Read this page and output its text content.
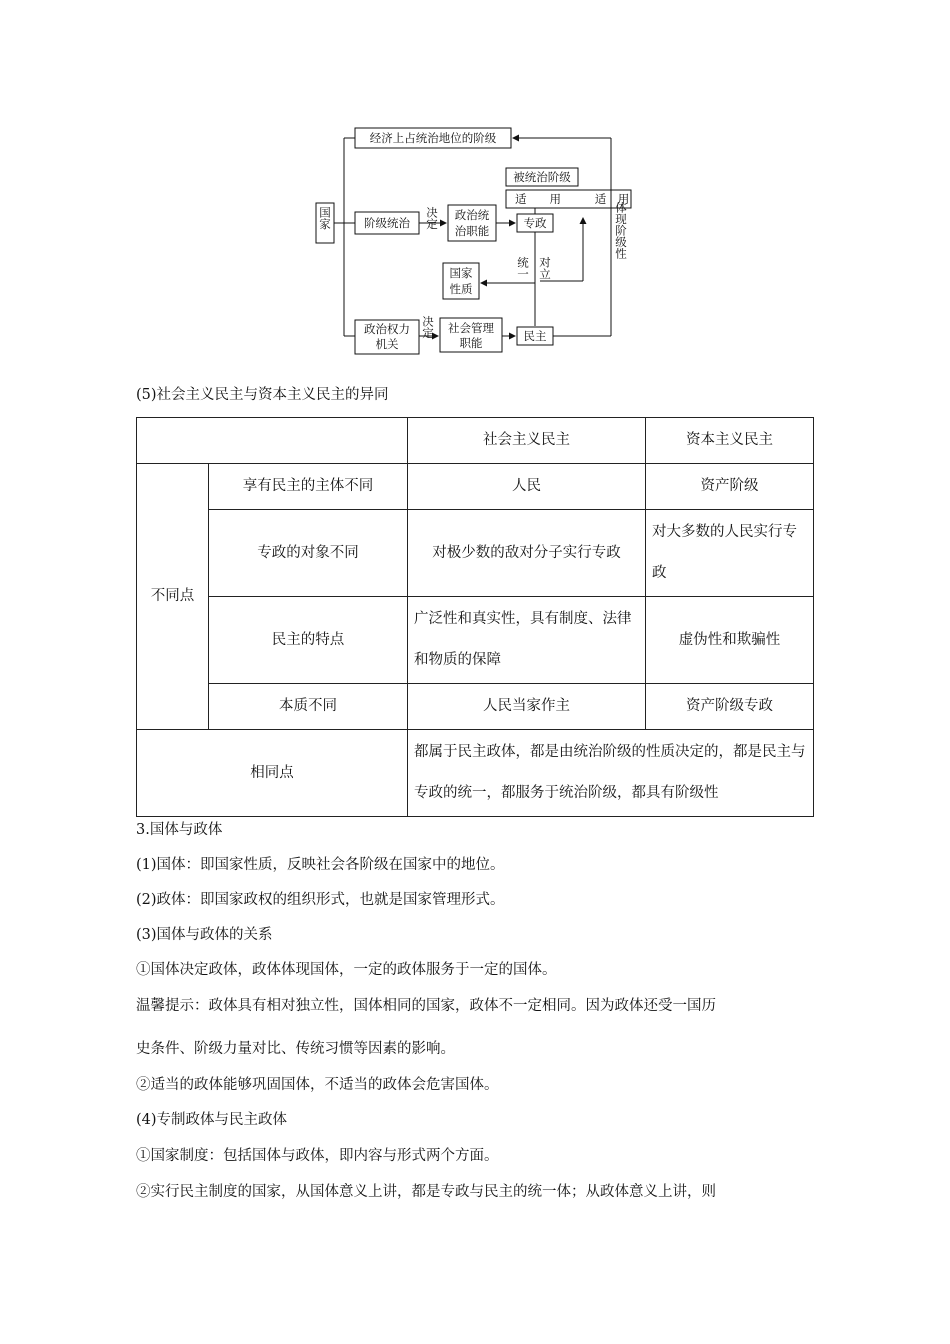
国家
经济上占统治地位的阶级
被统治阶级
适　　用	适　用
阶级统治 决定 政治统
治职能
专政	体现阶级性
国家
性质
统一 对立
政治权力
机关
决定 社会管理
职能	民主
(5)社会主义民主与资本主义民主的异同
		社会主义民主	资本主义民主
不同点	享有民主的主体不同	人民	资产阶级
	专政的对象不同	对极少数的敌对分子实行专政	对大多数的人民实行专政
	民主的特点	广泛性和真实性，具有制度、法律和物质的保障	虚伪性和欺骗性
	本质不同	人民当家作主	资产阶级专政
相同点		都属于民主政体，都是由统治阶级的性质决定的，都是民主与专政的统一，都服务于统治阶级，都具有阶级性	
3.国体与政体
(1)国体：即国家性质，反映社会各阶级在国家中的地位。
(2)政体：即国家政权的组织形式，也就是国家管理形式。
(3)国体与政体的关系
①国体决定政体，政体体现国体，一定的政体服务于一定的国体。
温馨提示：政体具有相对独立性，国体相同的国家，政体不一定相同。因为政体还受一国历
史条件、阶级力量对比、传统习惯等因素的影响。
②适当的政体能够巩固国体，不适当的政体会危害国体。
(4)专制政体与民主政体
①国家制度：包括国体与政体，即内容与形式两个方面。
②实行民主制度的国家，从国体意义上讲，都是专政与民主的统一体；从政体意义上讲，则
